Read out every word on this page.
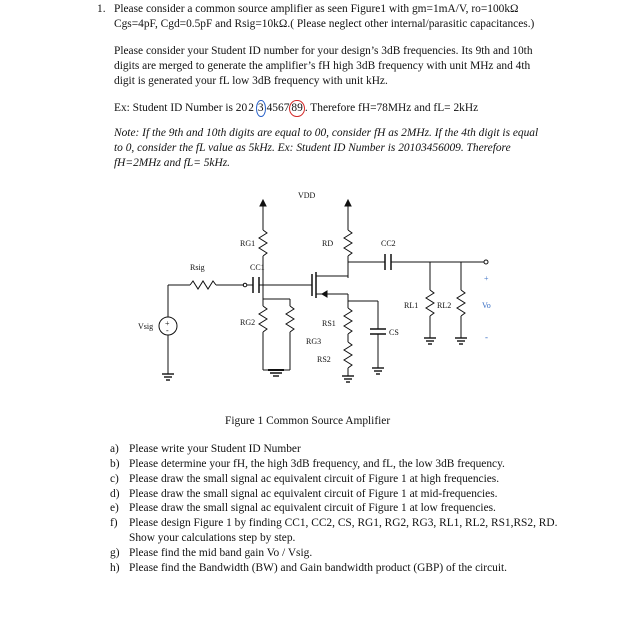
1. Please consider a common source amplifier as seen Figure1 with gm=1mA/V, ro=100kΩ
Cgs=4pF, Cgd=0.5pF and Rsig=10kΩ.( Please neglect other internal/parasitic capacitances.)
Please consider your Student ID number for your design’s 3dB frequencies. Its 9th and 10th
digits are merged to generate the amplifier’s fH high 3dB frequency with unit MHz and 4th
digit is generated your fL low 3dB frequency with unit kHz.
Ex: Student ID Number is 202 3 4567 89 . Therefore fH=78MHz and fL= 2kHz
Note: If the 9th and 10th digits are equal to 00, consider fH as 2MHz. If the 4th digit is equal
to 0, consider the fL value as 5kHz. Ex: Student ID Number is 20103456009. Therefore
fH=2MHz and fL= 5kHz.
VDD
RG1	RD	CC2
Rsig	CC1
+
-
Vsig	RG2
RG3
RS1
RS2
CS
RL1 RL2
+
Vo
-
Figure 1 Common Source Amplifier
a) Please write your Student ID Number
b) Please determine your fH, the high 3dB frequency, and fL, the low 3dB frequency.
c) Please draw the small signal ac equivalent circuit of Figure 1 at high frequencies.
d) Please draw the small signal ac equivalent circuit of Figure 1 at mid-frequencies.
e) Please draw the small signal ac equivalent circuit of Figure 1 at low frequencies.
f) Please design Figure 1 by finding CC1, CC2, CS, RG1, RG2, RG3, RL1, RL2, RS1,RS2, RD.
Show your calculations step by step.
g) Please find the mid band gain Vo / Vsig.
h) Please find the Bandwidth (BW) and Gain bandwidth product (GBP) of the circuit.
